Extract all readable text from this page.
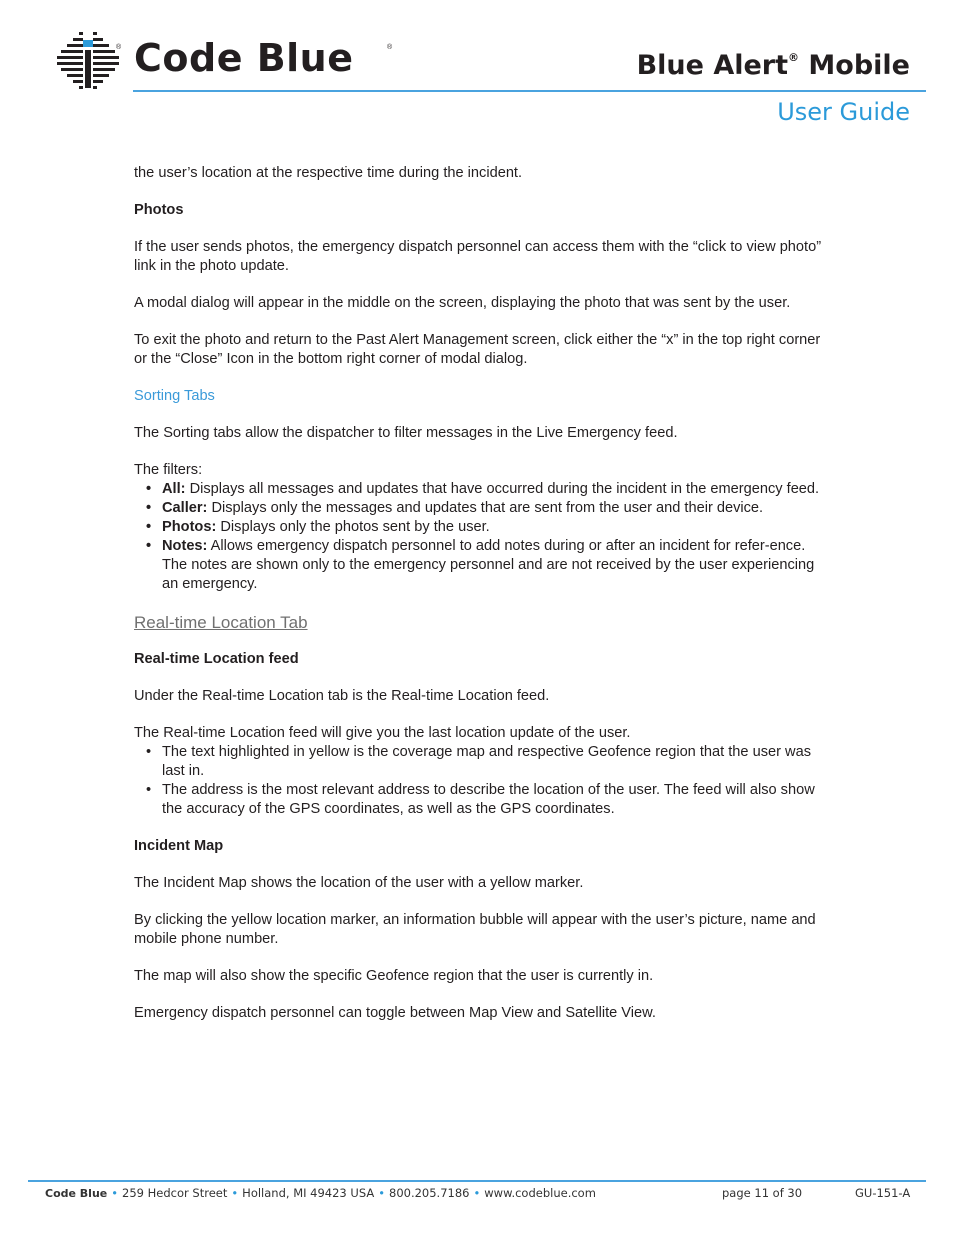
® Code Blue	®
Blue Alert® Mobile
User Guide

the user’s location at the respective time during the incident.

Photos

If the user sends photos, the emergency dispatch personnel can access them with the “click to view photo” link in the photo update.

A modal dialog will appear in the middle on the screen, displaying the photo that was sent by the user.

To exit the photo and return to the Past Alert Management screen, click either the “x” in the top right corner or the “Close” Icon in the bottom right corner of modal dialog.

Sorting Tabs

The Sorting tabs allow the dispatcher to filter messages in the Live Emergency feed.

The filters:

• All: Displays all messages and updates that have occurred during the incident in the emergency feed.
• Caller: Displays only the messages and updates that are sent from the user and their device.
• Photos: Displays only the photos sent by the user.
• Notes: Allows emergency dispatch personnel to add notes during or after an incident for refer-ence. The notes are shown only to the emergency personnel and are not received by the user experiencing an emergency.

Real-time Location Tab

Real-time Location feed

Under the Real-time Location tab is the Real-time Location feed.

The Real-time Location feed will give you the last location update of the user.

• The text highlighted in yellow is the coverage map and respective Geofence region that the user was last in.
• The address is the most relevant address to describe the location of the user. The feed will also show the accuracy of the GPS coordinates, as well as the GPS coordinates.

Incident Map

The Incident Map shows the location of the user with a yellow marker.

By clicking the yellow location marker, an information bubble will appear with the user’s picture, name and mobile phone number.

The map will also show the specific Geofence region that the user is currently in.

Emergency dispatch personnel can toggle between Map View and Satellite View.

Code Blue • 259 Hedcor Street • Holland, MI 49423 USA • 800.205.7186 • www.codeblue.com	page 11 of 30	GU-151-A
